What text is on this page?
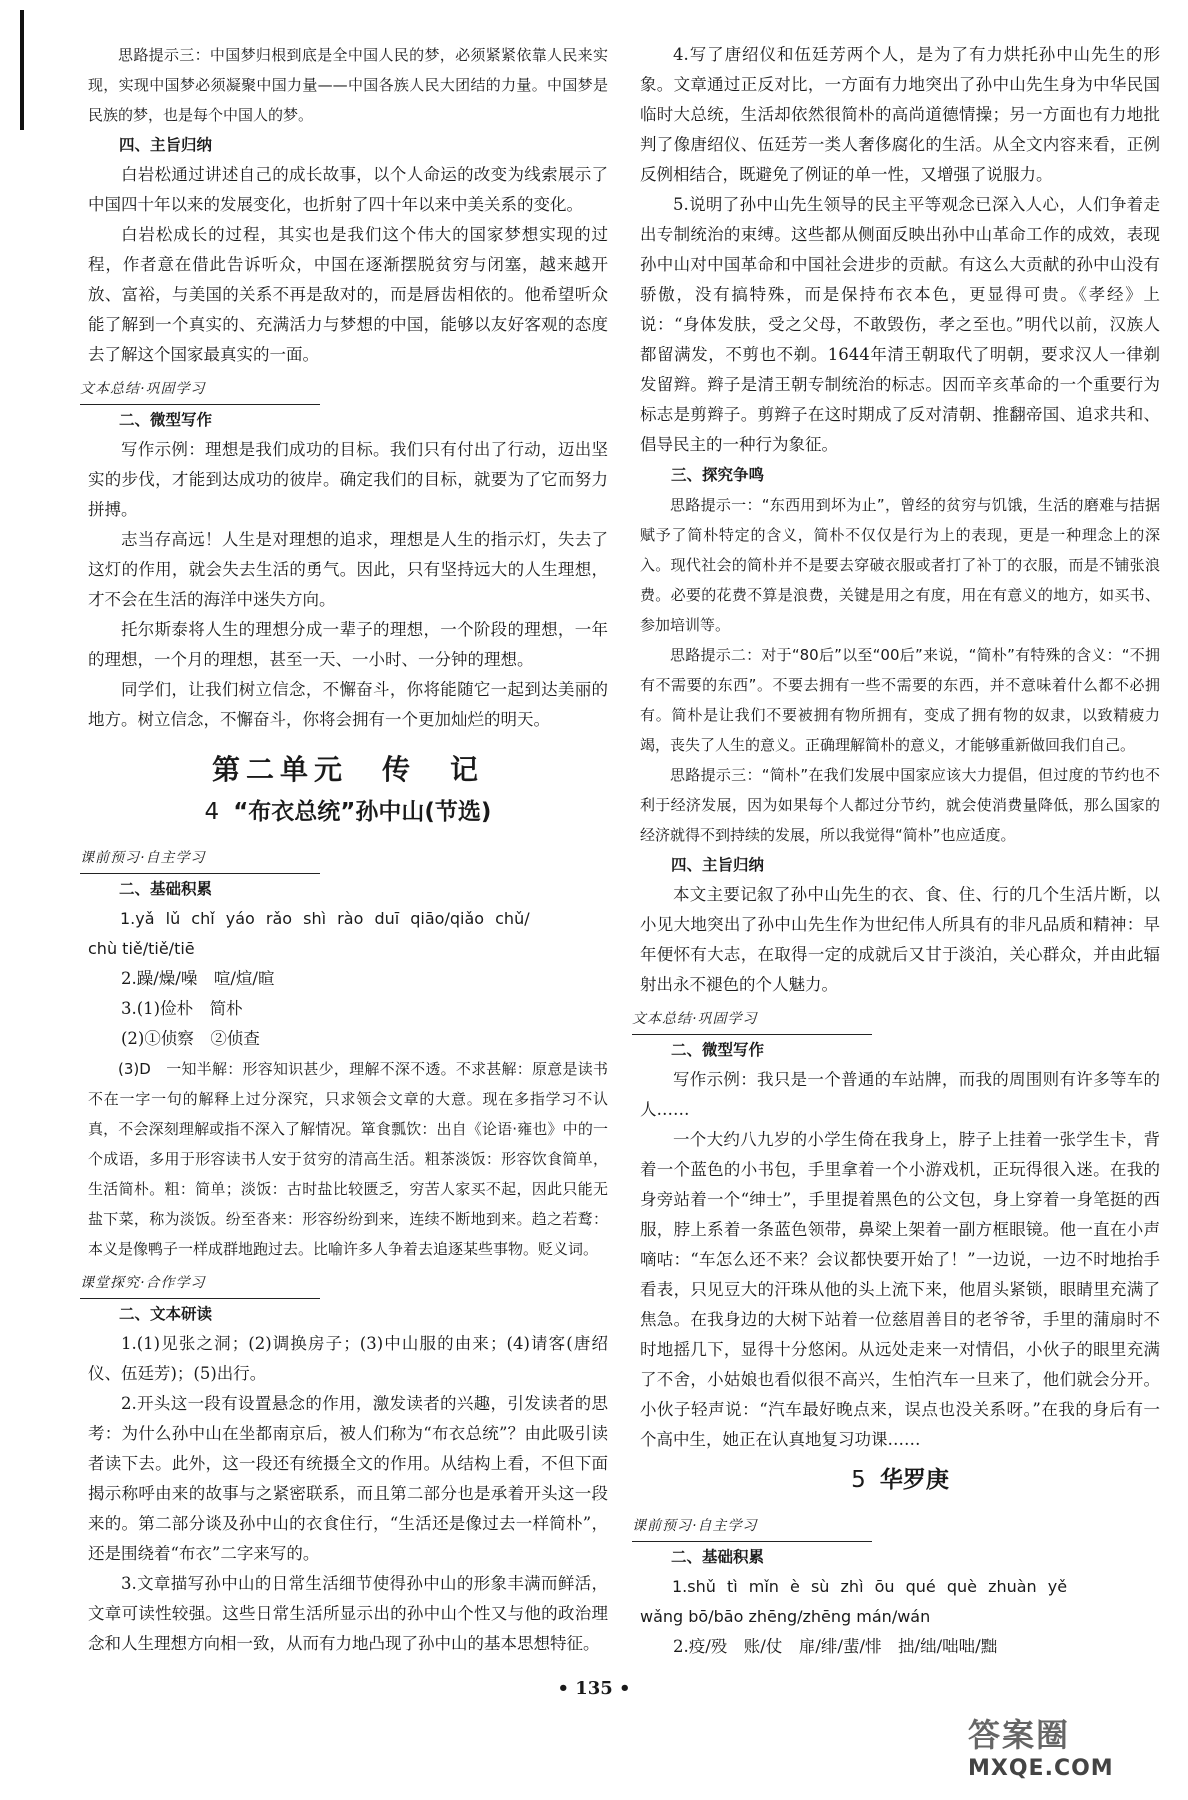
思路提示三：中国梦归根到底是全中国人民的梦，必须紧紧依靠人民来实现，实现中国梦必须凝聚中国力量——中国各族人民大团结的力量。中国梦是民族的梦，也是每个中国人的梦。

四、主旨归纳

白岩松通过讲述自己的成长故事，以个人命运的改变为线索展示了中国四十年以来的发展变化，也折射了四十年以来中美关系的变化。

白岩松成长的过程，其实也是我们这个伟大的国家梦想实现的过程，作者意在借此告诉听众，中国在逐渐摆脱贫穷与闭塞，越来越开放、富裕，与美国的关系不再是敌对的，而是唇齿相依的。他希望听众能了解到一个真实的、充满活力与梦想的中国，能够以友好客观的态度去了解这个国家最真实的一面。

文本总结·巩固学习
二、微型写作

写作示例：理想是我们成功的目标。我们只有付出了行动，迈出坚实的步伐，才能到达成功的彼岸。确定我们的目标，就要为了它而努力拼搏。

志当存高远！人生是对理想的追求，理想是人生的指示灯，失去了这灯的作用，就会失去生活的勇气。因此，只有坚持远大的人生理想，才不会在生活的海洋中迷失方向。

托尔斯泰将人生的理想分成一辈子的理想，一个阶段的理想，一年的理想，一个月的理想，甚至一天、一小时、一分钟的理想。

同学们，让我们树立信念，不懈奋斗，你将能随它一起到达美丽的地方。树立信念，不懈奋斗，你将会拥有一个更加灿烂的明天。

第二单元　传　记
4 “布衣总统”孙中山(节选)
课前预习·自主学习
二、基础积累
1.yǎ lǔ chǐ yáo rǎo shì rào duī qiāo/qiǎo chǔ/
chù tiě/tiě/tiē
2.躁/燥/噪　喧/煊/暄
3.(1)俭朴　简朴
(2)①侦察　②侦查

(3)D　一知半解：形容知识甚少，理解不深不透。不求甚解：原意是读书不在一字一句的解释上过分深究，只求领会文章的大意。现在多指学习不认真，不会深刻理解或指不深入了解情况。箪食瓢饮：出自《论语·雍也》中的一个成语，多用于形容读书人安于贫穷的清高生活。粗茶淡饭：形容饮食简单，生活简朴。粗：简单；淡饭：古时盐比较匮乏，穷苦人家买不起，因此只能无盐下菜，称为淡饭。纷至沓来：形容纷纷到来，连续不断地到来。趋之若鹜：本义是像鸭子一样成群地跑过去。比喻许多人争着去追逐某些事物。贬义词。

课堂探究·合作学习
二、文本研读

1.(1)见张之洞；(2)调换房子；(3)中山服的由来；(4)请客(唐绍仪、伍廷芳)；(5)出行。

2.开头这一段有设置悬念的作用，激发读者的兴趣，引发读者的思考：为什么孙中山在坐都南京后，被人们称为“布衣总统”？由此吸引读者读下去。此外，这一段还有统摄全文的作用。从结构上看，不但下面揭示称呼由来的故事与之紧密联系，而且第二部分也是承着开头这一段来的。第二部分谈及孙中山的衣食住行，“生活还是像过去一样简朴”，还是围绕着“布衣”二字来写的。

3.文章描写孙中山的日常生活细节使得孙中山的形象丰满而鲜活，文章可读性较强。这些日常生活所显示出的孙中山个性又与他的政治理念和人生理想方向相一致，从而有力地凸现了孙中山的基本思想特征。

4.写了唐绍仪和伍廷芳两个人，是为了有力烘托孙中山先生的形象。文章通过正反对比，一方面有力地突出了孙中山先生身为中华民国临时大总统，生活却依然很简朴的高尚道德情操；另一方面也有力地批判了像唐绍仪、伍廷芳一类人奢侈腐化的生活。从全文内容来看，正例反例相结合，既避免了例证的单一性，又增强了说服力。

5.说明了孙中山先生领导的民主平等观念已深入人心，人们争着走出专制统治的束缚。这些都从侧面反映出孙中山革命工作的成效，表现孙中山对中国革命和中国社会进步的贡献。有这么大贡献的孙中山没有骄傲，没有搞特殊，而是保持布衣本色，更显得可贵。《孝经》上说：“身体发肤，受之父母，不敢毁伤，孝之至也。”明代以前，汉族人都留满发，不剪也不剃。1644年清王朝取代了明朝，要求汉人一律剃发留辫。辫子是清王朝专制统治的标志。因而辛亥革命的一个重要行为标志是剪辫子。剪辫子在这时期成了反对清朝、推翻帝国、追求共和、倡导民主的一种行为象征。

三、探究争鸣

思路提示一：“东西用到坏为止”，曾经的贫穷与饥饿，生活的磨难与拮据赋予了简朴特定的含义，简朴不仅仅是行为上的表现，更是一种理念上的深入。现代社会的简朴并不是要去穿破衣服或者打了补丁的衣服，而是不铺张浪费。必要的花费不算是浪费，关键是用之有度，用在有意义的地方，如买书、参加培训等。

思路提示二：对于“80后”以至“00后”来说，“简朴”有特殊的含义：“不拥有不需要的东西”。不要去拥有一些不需要的东西，并不意味着什么都不必拥有。简朴是让我们不要被拥有物所拥有，变成了拥有物的奴隶，以致精疲力竭，丧失了人生的意义。正确理解简朴的意义，才能够重新做回我们自己。

思路提示三：“简朴”在我们发展中国家应该大力提倡，但过度的节约也不利于经济发展，因为如果每个人都过分节约，就会使消费量降低，那么国家的经济就得不到持续的发展，所以我觉得“简朴”也应适度。

四、主旨归纳

本文主要记叙了孙中山先生的衣、食、住、行的几个生活片断，以小见大地突出了孙中山先生作为世纪伟人所具有的非凡品质和精神：早年便怀有大志，在取得一定的成就后又甘于淡泊，关心群众，并由此辐射出永不褪色的个人魅力。

文本总结·巩固学习
二、微型写作

写作示例：我只是一个普通的车站牌，而我的周围则有许多等车的人……

一个大约八九岁的小学生倚在我身上，脖子上挂着一张学生卡，背着一个蓝色的小书包，手里拿着一个小游戏机，正玩得很入迷。在我的身旁站着一个“绅士”，手里提着黑色的公文包，身上穿着一身笔挺的西服，脖上系着一条蓝色领带，鼻梁上架着一副方框眼镜。他一直在小声嘀咕：“车怎么还不来？会议都快要开始了！”一边说，一边不时地抬手看表，只见豆大的汗珠从他的头上流下来，他眉头紧锁，眼睛里充满了焦急。在我身边的大树下站着一位慈眉善目的老爷爷，手里的蒲扇时不时地摇几下，显得十分悠闲。从远处走来一对情侣，小伙子的眼里充满了不舍，小姑娘也看似很不高兴，生怕汽车一旦来了，他们就会分开。小伙子轻声说：“汽车最好晚点来，误点也没关系呀。”在我的身后有一个高中生，她正在认真地复习功课……

5 华罗庚
课前预习·自主学习
二、基础积累
1.shǔ tì mǐn è sù zhì ōu qué què zhuàn yě
wǎng bō/bāo zhēng/zhēng mán/wán
2.疫/殁　账/仗　扉/绯/蜚/悱　拙/绌/咄咄/黜
• 135 •
答案圈
MXQE.COM
